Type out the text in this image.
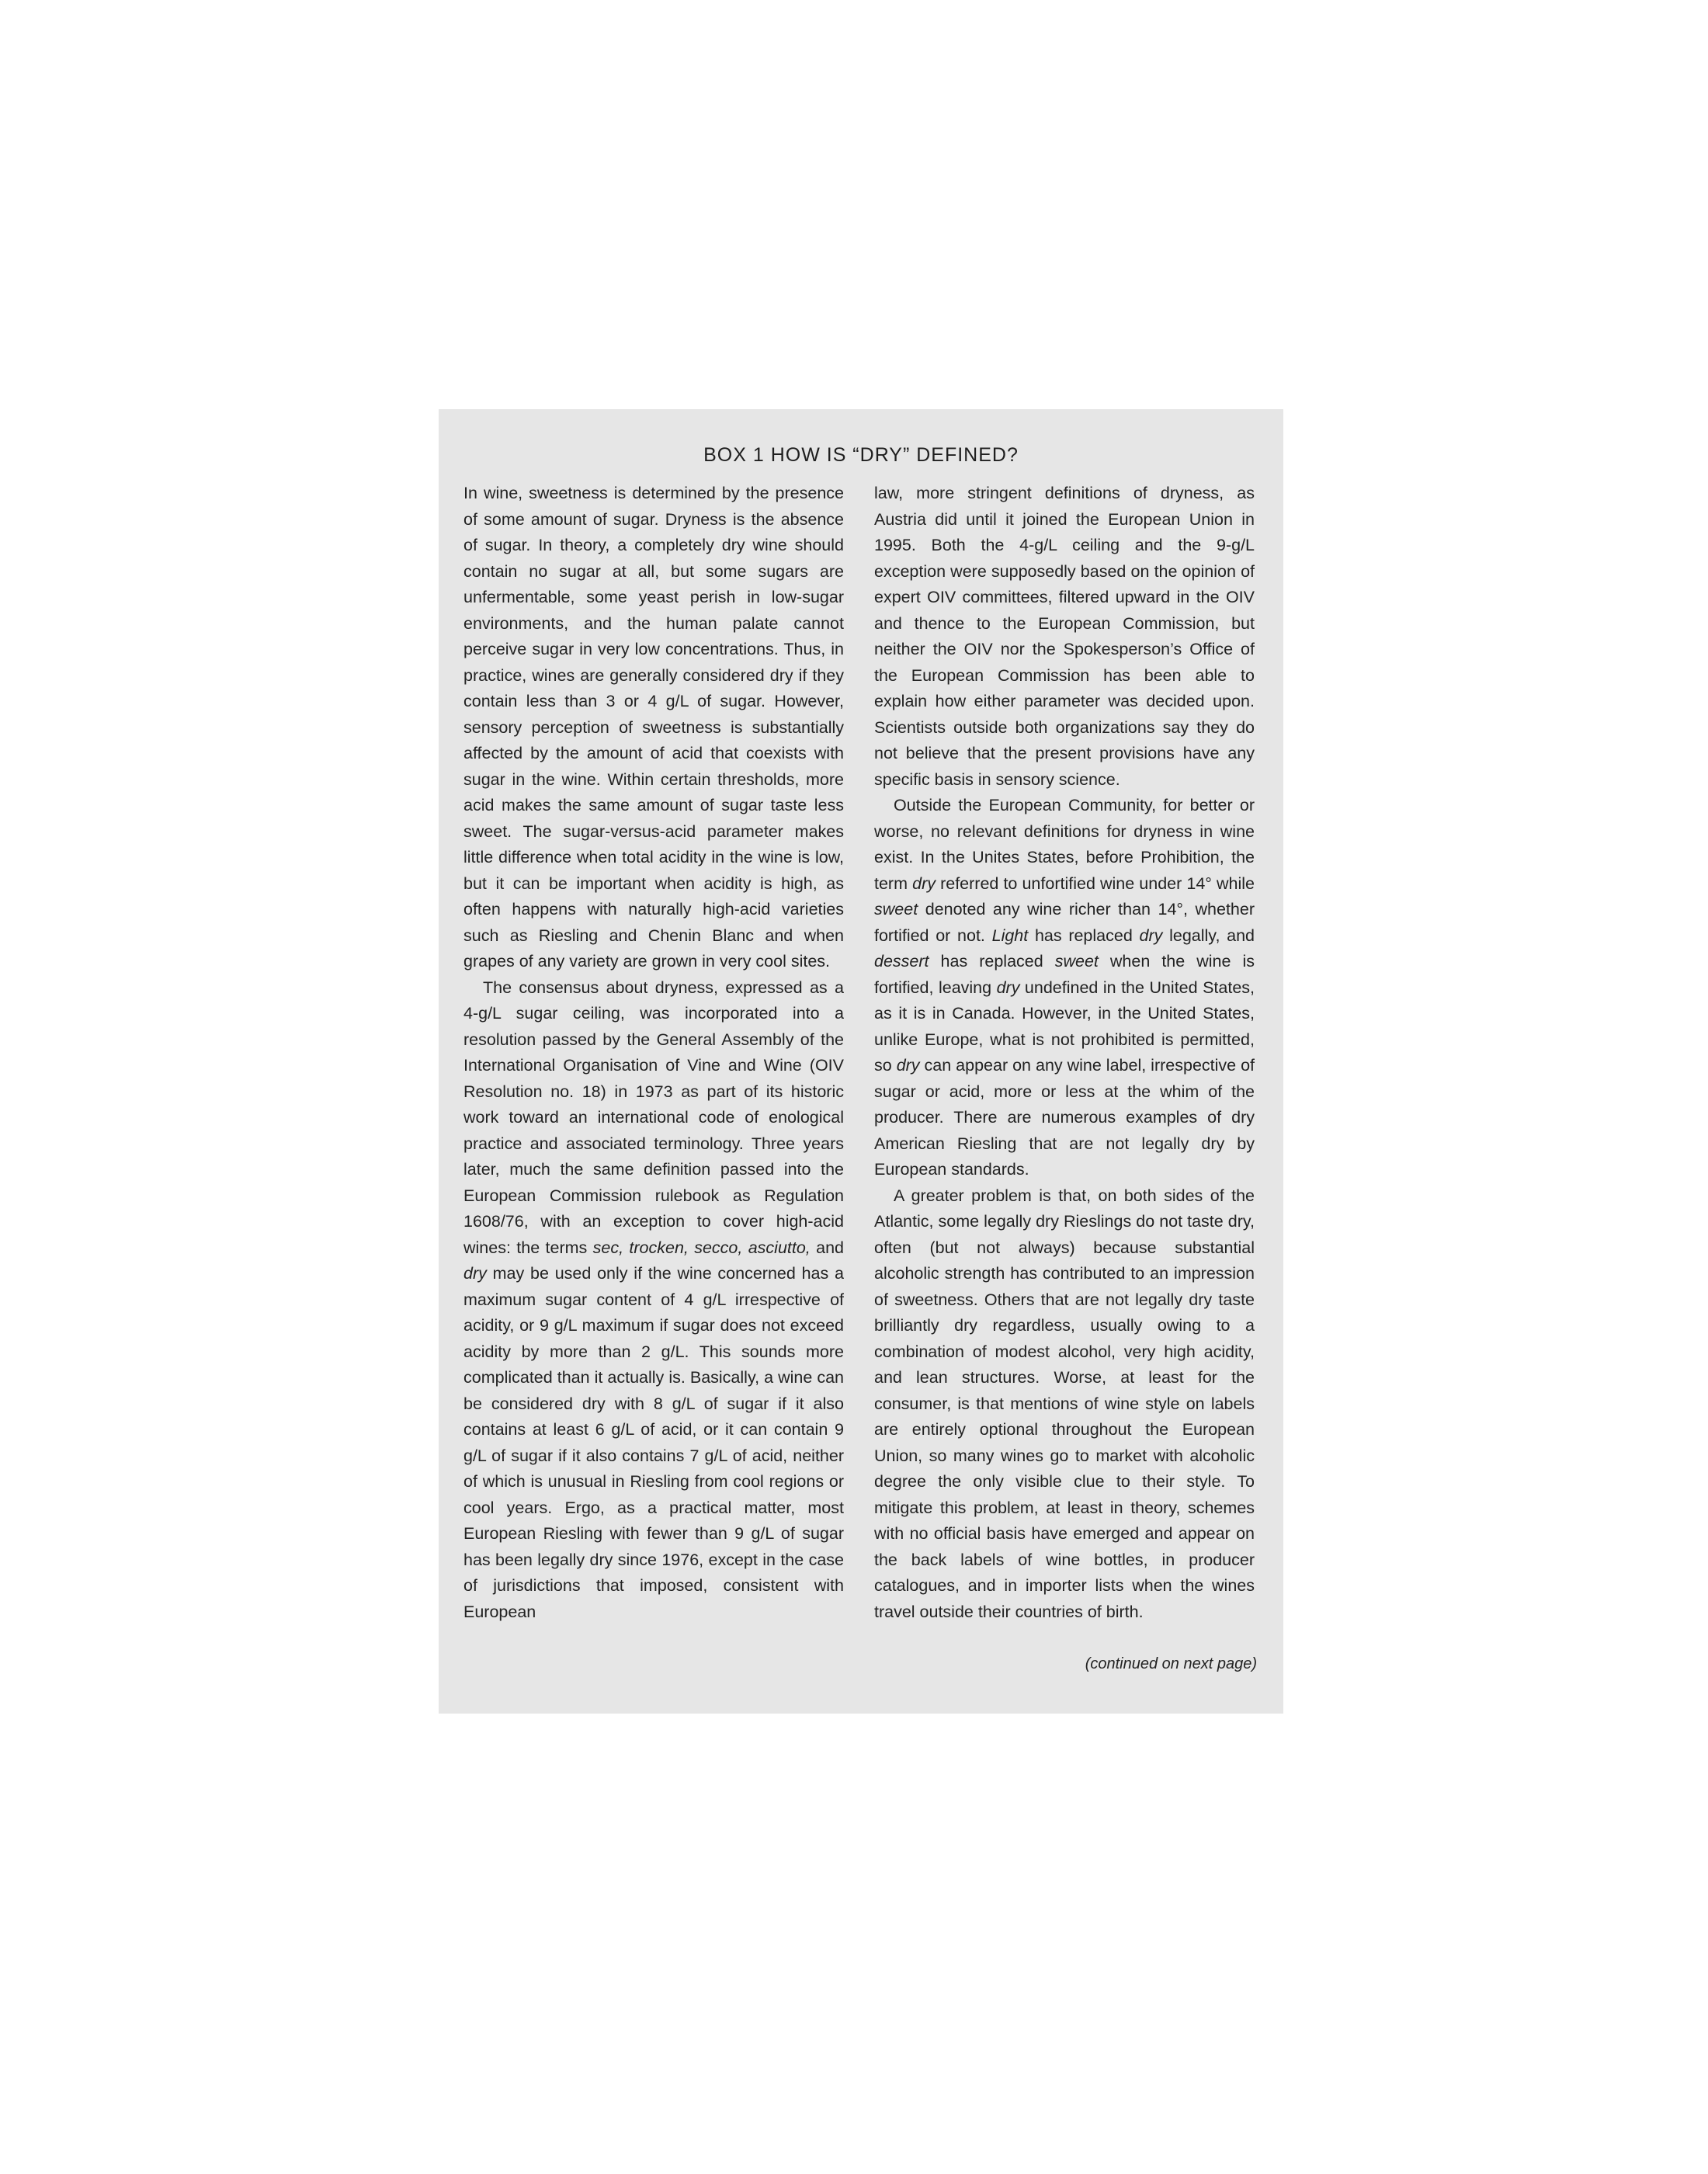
BOX 1 HOW IS “DRY” DEFINED?

In wine, sweetness is determined by the presence of some amount of sugar. Dryness is the absence of sugar. In theory, a completely dry wine should contain no sugar at all, but some sugars are unfermentable, some yeast perish in low-sugar environments, and the human palate cannot perceive sugar in very low concentrations. Thus, in practice, wines are generally considered dry if they contain less than 3 or 4 g/L of sugar. However, sensory perception of sweetness is substantially affected by the amount of acid that coexists with sugar in the wine. Within certain thresholds, more acid makes the same amount of sugar taste less sweet. The sugar-versus-acid parameter makes little difference when total acidity in the wine is low, but it can be important when acidity is high, as often happens with naturally high-acid varieties such as Riesling and Chenin Blanc and when grapes of any variety are grown in very cool sites.

The consensus about dryness, expressed as a 4-g/L sugar ceiling, was incorporated into a resolution passed by the General Assembly of the International Organisation of Vine and Wine (OIV Resolution no. 18) in 1973 as part of its historic work toward an international code of enological practice and associated terminology. Three years later, much the same definition passed into the European Commission rulebook as Regulation 1608/76, with an exception to cover high-acid wines: the terms sec, trocken, secco, asciutto, and dry may be used only if the wine concerned has a maximum sugar content of 4 g/L irrespective of acidity, or 9 g/L maximum if sugar does not exceed acidity by more than 2 g/L. This sounds more complicated than it actually is. Basically, a wine can be considered dry with 8 g/L of sugar if it also contains at least 6 g/L of acid, or it can contain 9 g/L of sugar if it also contains 7 g/L of acid, neither of which is unusual in Riesling from cool regions or cool years. Ergo, as a practical matter, most European Riesling with fewer than 9 g/L of sugar has been legally dry since 1976, except in the case of jurisdictions that imposed, consistent with European

law, more stringent definitions of dryness, as Austria did until it joined the European Union in 1995. Both the 4-g/L ceiling and the 9-g/L exception were supposedly based on the opinion of expert OIV committees, filtered upward in the OIV and thence to the European Commission, but neither the OIV nor the Spokesperson’s Office of the European Commission has been able to explain how either parameter was decided upon. Scientists outside both organizations say they do not believe that the present provisions have any specific basis in sensory science.

Outside the European Community, for better or worse, no relevant definitions for dryness in wine exist. In the Unites States, before Prohibition, the term dry referred to unfortified wine under 14° while sweet denoted any wine richer than 14°, whether fortified or not. Light has replaced dry legally, and dessert has replaced sweet when the wine is fortified, leaving dry undefined in the United States, as it is in Canada. However, in the United States, unlike Europe, what is not prohibited is permitted, so dry can appear on any wine label, irrespective of sugar or acid, more or less at the whim of the producer. There are numerous examples of dry American Riesling that are not legally dry by European standards.

A greater problem is that, on both sides of the Atlantic, some legally dry Rieslings do not taste dry, often (but not always) because substantial alcoholic strength has contributed to an impression of sweetness. Others that are not legally dry taste brilliantly dry regardless, usually owing to a combination of modest alcohol, very high acidity, and lean structures. Worse, at least for the consumer, is that mentions of wine style on labels are entirely optional throughout the European Union, so many wines go to market with alcoholic degree the only visible clue to their style. To mitigate this problem, at least in theory, schemes with no official basis have emerged and appear on the back labels of wine bottles, in producer catalogues, and in importer lists when the wines travel outside their countries of birth.

(continued on next page)
